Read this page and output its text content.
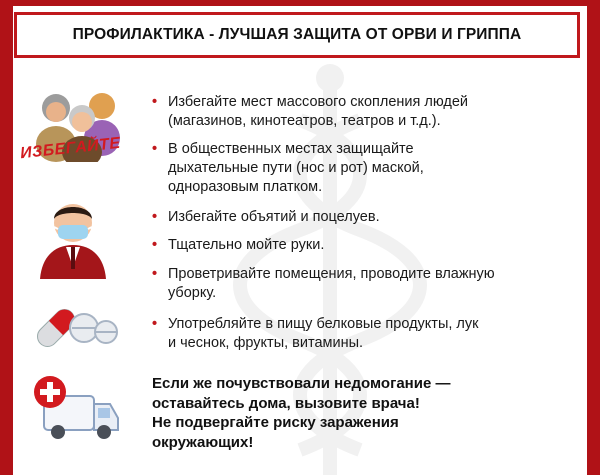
ПРОФИЛАКТИКА - ЛУЧШАЯ ЗАЩИТА ОТ ОРВИ И ГРИППА
ИЗБЕГАЙТЕ
• Избегайте мест массового скопления людей
(магазинов, кинотеатров, театров и т.д.).
• В общественных местах защищайте
дыхательные пути (нос и рот) маской,
одноразовым платком.
• Избегайте объятий и поцелуев.
• Тщательно мойте руки.
• Проветривайте помещения, проводите влажную
уборку.
• Употребляйте в пищу белковые продукты, лук
и чеснок, фрукты, витамины.
Если же почувствовали недомогание —
оставайтесь дома, вызовите врача!
Не подвергайте риску заражения
окружающих!
